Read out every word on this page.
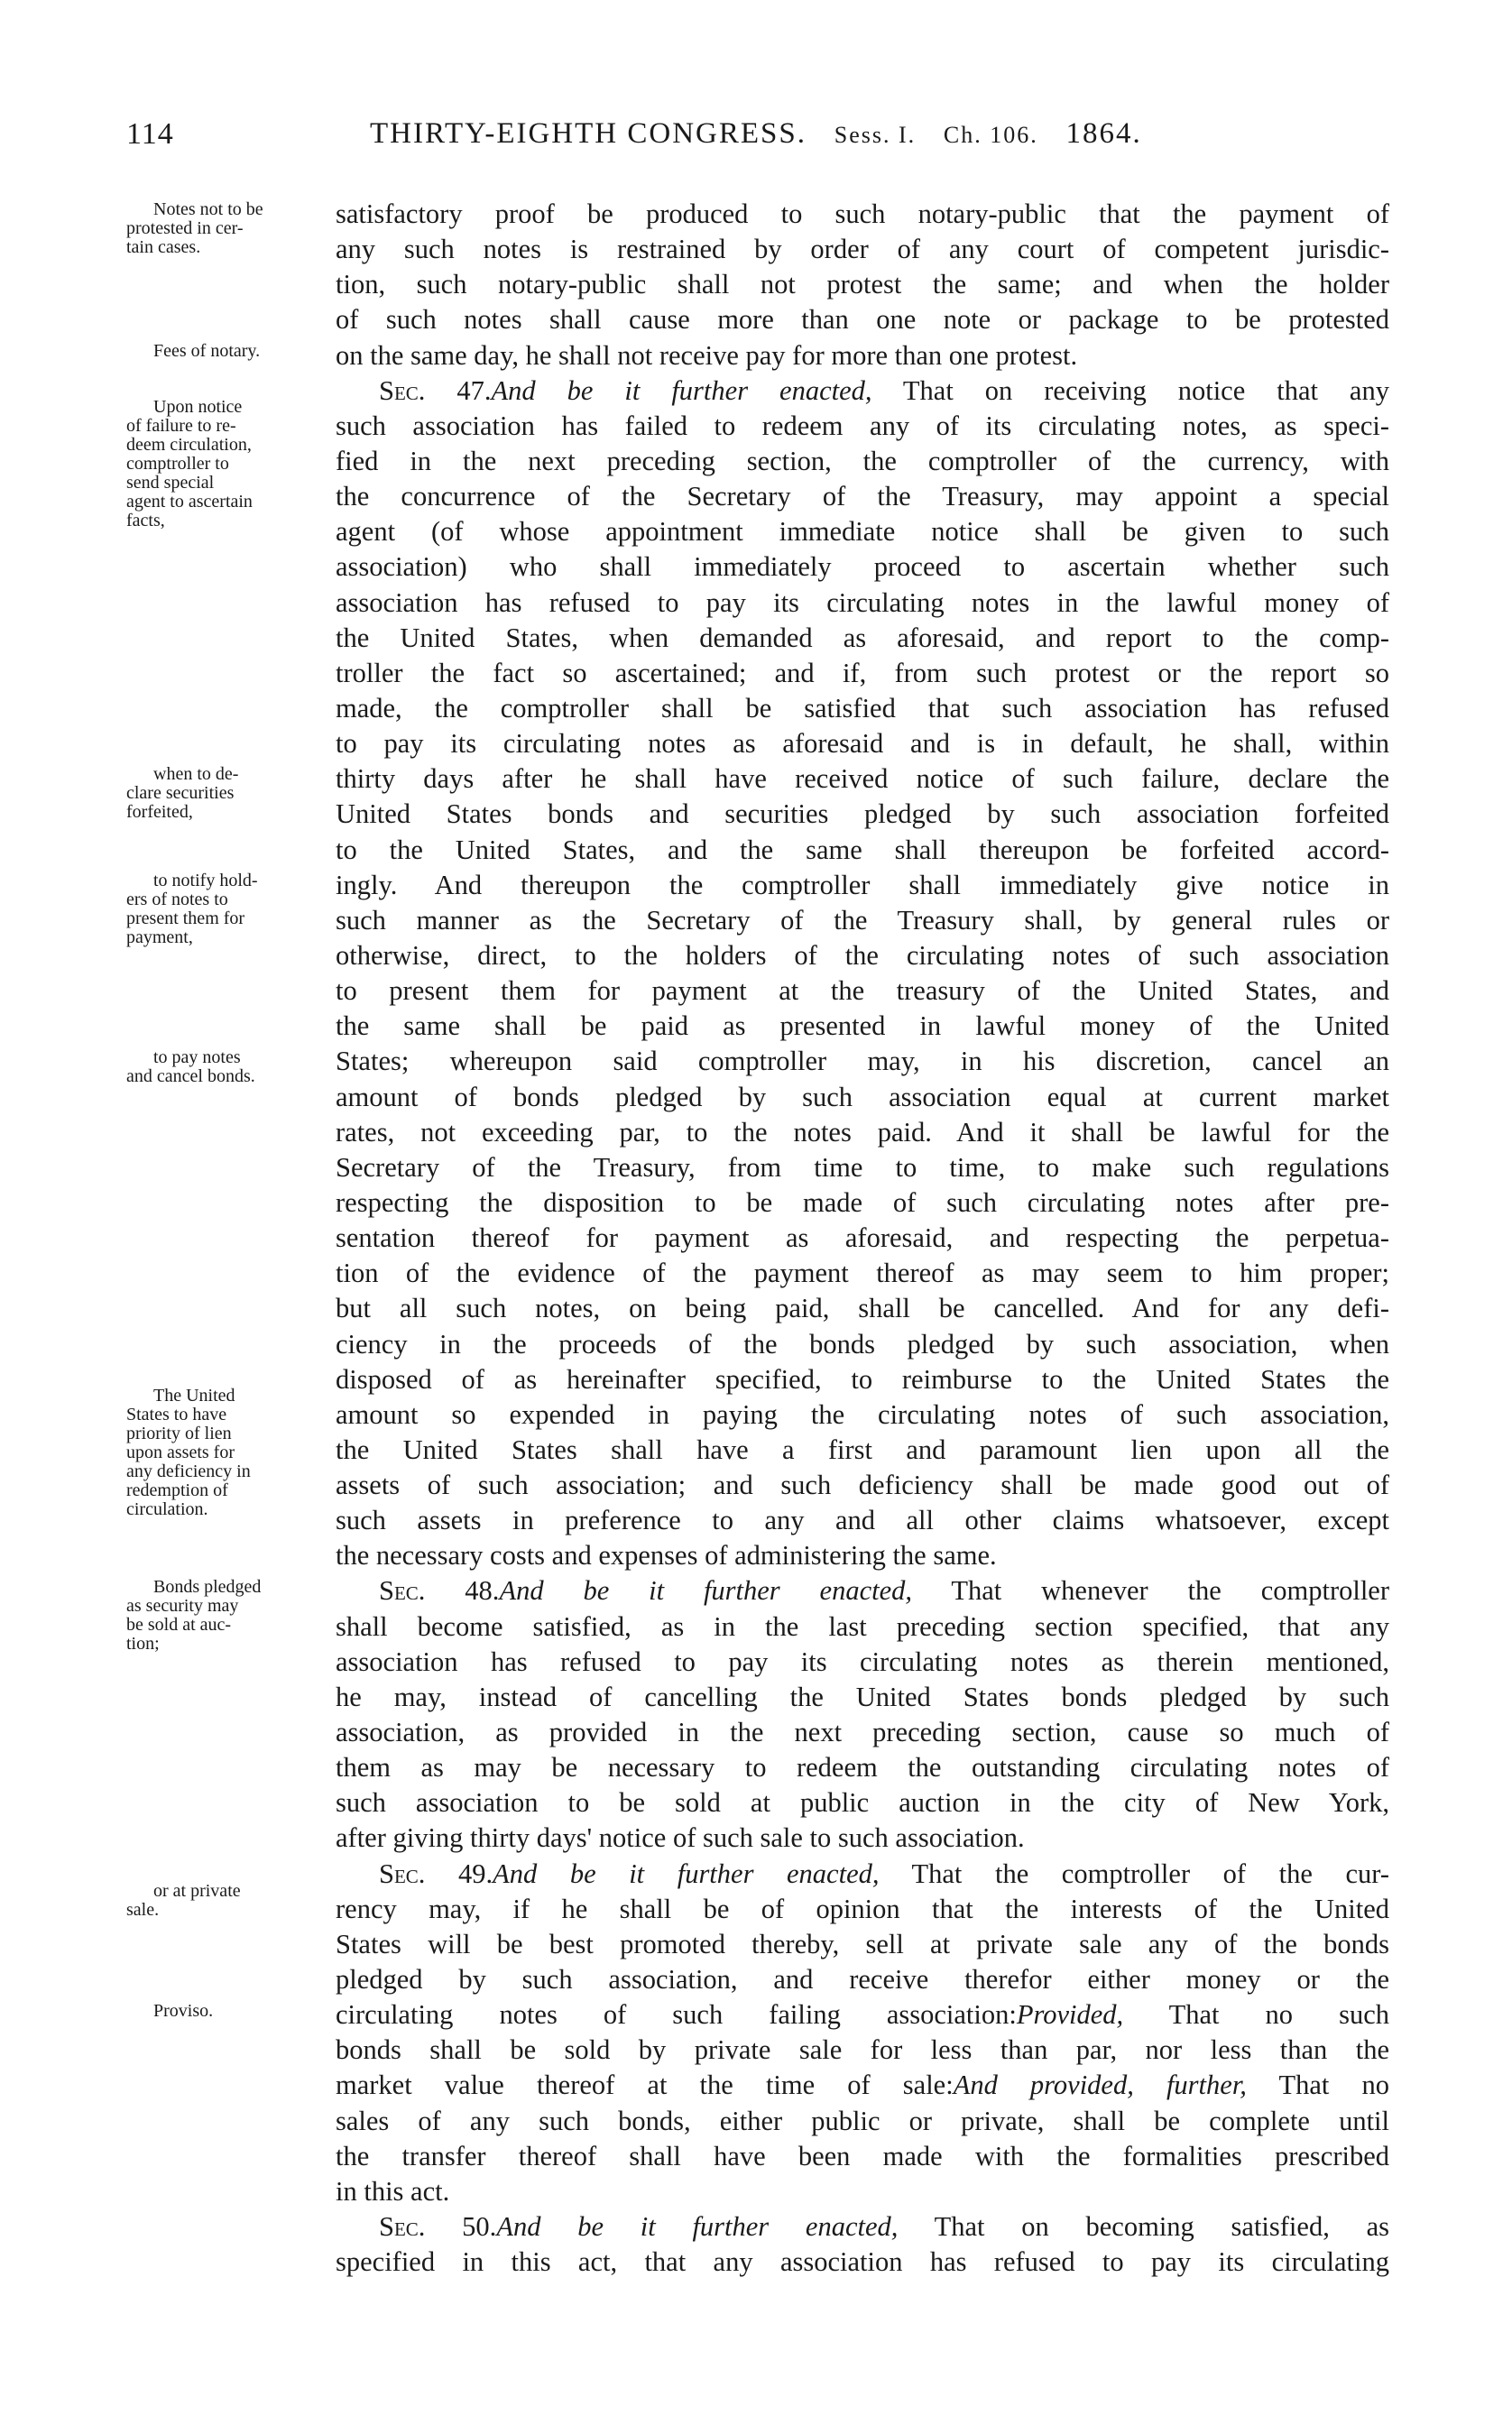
114	THIRTY-EIGHTH CONGRESS. Sess. I. Ch. 106. 1864.
satisfactory proof be produced to such notary-public that the payment of
any such notes is restrained by order of any court of competent jurisdic-
tion, such notary-public shall not protest the same; and when the holder
of such notes shall cause more than one note or package to be protested
on the same day, he shall not receive pay for more than one protest.
Sec. 47.And be it further enacted, That on receiving notice that any
such association has failed to redeem any of its circulating notes, as speci-
fied in the next preceding section, the comptroller of the currency, with
the concurrence of the Secretary of the Treasury, may appoint a special
agent (of whose appointment immediate notice shall be given to such
association) who shall immediately proceed to ascertain whether such
association has refused to pay its circulating notes in the lawful money of
the United States, when demanded as aforesaid, and report to the comp-
troller the fact so ascertained; and if, from such protest or the report so
made, the comptroller shall be satisfied that such association has refused
to pay its circulating notes as aforesaid and is in default, he shall, within
thirty days after he shall have received notice of such failure, declare the
United States bonds and securities pledged by such association forfeited
to the United States, and the same shall thereupon be forfeited accord-
ingly. And thereupon the comptroller shall immediately give notice in
such manner as the Secretary of the Treasury shall, by general rules or
otherwise, direct, to the holders of the circulating notes of such association
to present them for payment at the treasury of the United States, and
the same shall be paid as presented in lawful money of the United
States; whereupon said comptroller may, in his discretion, cancel an
amount of bonds pledged by such association equal at current market
rates, not exceeding par, to the notes paid. And it shall be lawful for the
Secretary of the Treasury, from time to time, to make such regulations
respecting the disposition to be made of such circulating notes after pre-
sentation thereof for payment as aforesaid, and respecting the perpetua-
tion of the evidence of the payment thereof as may seem to him proper;
but all such notes, on being paid, shall be cancelled. And for any defi-
ciency in the proceeds of the bonds pledged by such association, when
disposed of as hereinafter specified, to reimburse to the United States the
amount so expended in paying the circulating notes of such association,
the United States shall have a first and paramount lien upon all the
assets of such association; and such deficiency shall be made good out of
such assets in preference to any and all other claims whatsoever, except
the necessary costs and expenses of administering the same.
Sec. 48.And be it further enacted, That whenever the comptroller
shall become satisfied, as in the last preceding section specified, that any
association has refused to pay its circulating notes as therein mentioned,
he may, instead of cancelling the United States bonds pledged by such
association, as provided in the next preceding section, cause so much of
them as may be necessary to redeem the outstanding circulating notes of
such association to be sold at public auction in the city of New York,
after giving thirty days' notice of such sale to such association.
Sec. 49.And be it further enacted, That the comptroller of the cur-
rency may, if he shall be of opinion that the interests of the United
States will be best promoted thereby, sell at private sale any of the bonds
pledged by such association, and receive therefor either money or the
circulating notes of such failing association:Provided, That no such
bonds shall be sold by private sale for less than par, nor less than the
market value thereof at the time of sale:And provided, further, That no
sales of any such bonds, either public or private, shall be complete until
the transfer thereof shall have been made with the formalities prescribed
in this act.
Sec. 50.And be it further enacted, That on becoming satisfied, as
specified in this act, that any association has refused to pay its circulating
Notes not to be
protested in cer-
tain cases.
Fees of notary.
Upon notice
of failure to re-
deem circulation,
comptroller to
send special
agent to ascertain
facts,
when to de-
clare securities
forfeited,
to notify hold-
ers of notes to
present them for
payment,
to pay notes
and cancel bonds.
The United
States to have
priority of lien
upon assets for
any deficiency in
redemption of
circulation.
Bonds pledged
as security may
be sold at auc-
tion;
or at private
sale.
Proviso.
